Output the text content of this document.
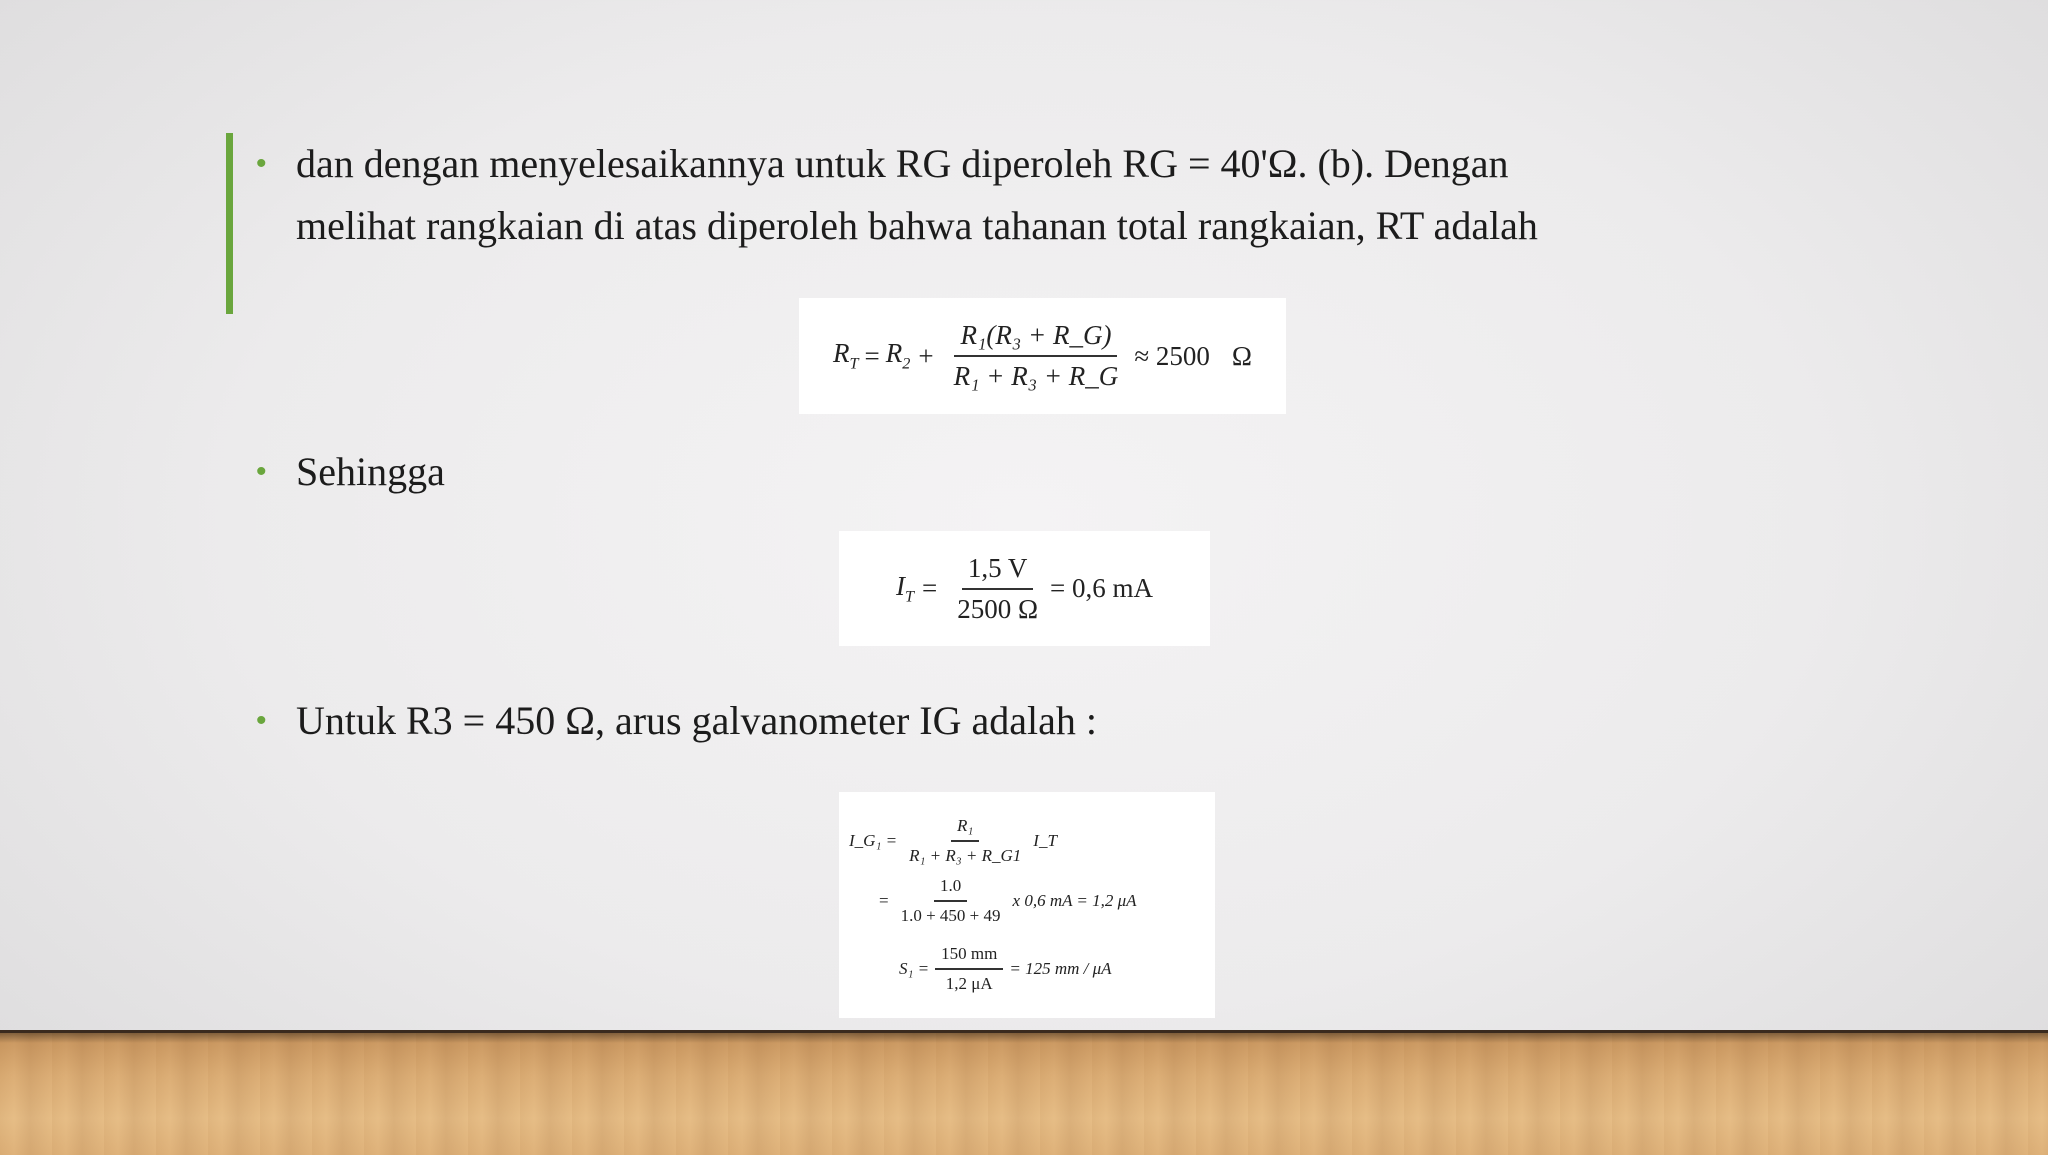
• dan dengan menyelesaikannya untuk RG diperoleh RG = 40'Ω. (b). Dengan
melihat rangkaian di atas diperoleh bahwa tahanan total rangkaian, RT adalah
$R_T = R_2 + \frac{\text{R₁(R₃ + R\_G)}}{\text{R₁ + R₃ + R\_G}} \approx 2500$ Ω
• Sehingga
$I_T = \frac{1,5 V}{2500 \Omega} = 0,6$ mA
• Untuk R3 = 450 Ω, arus galvanometer IG adalah :
I_G₁ = $\frac{\text{R₁}}{\text{R₁ + R₃ + R\_G1}}$ I_T
= $\frac{1.0}{1.0 + 450 + 49}$ x 0,6 mA = 1,2 μA
$S_1 = \frac{150 mm}{1,2 \mu A} = 125$ mm / μA
